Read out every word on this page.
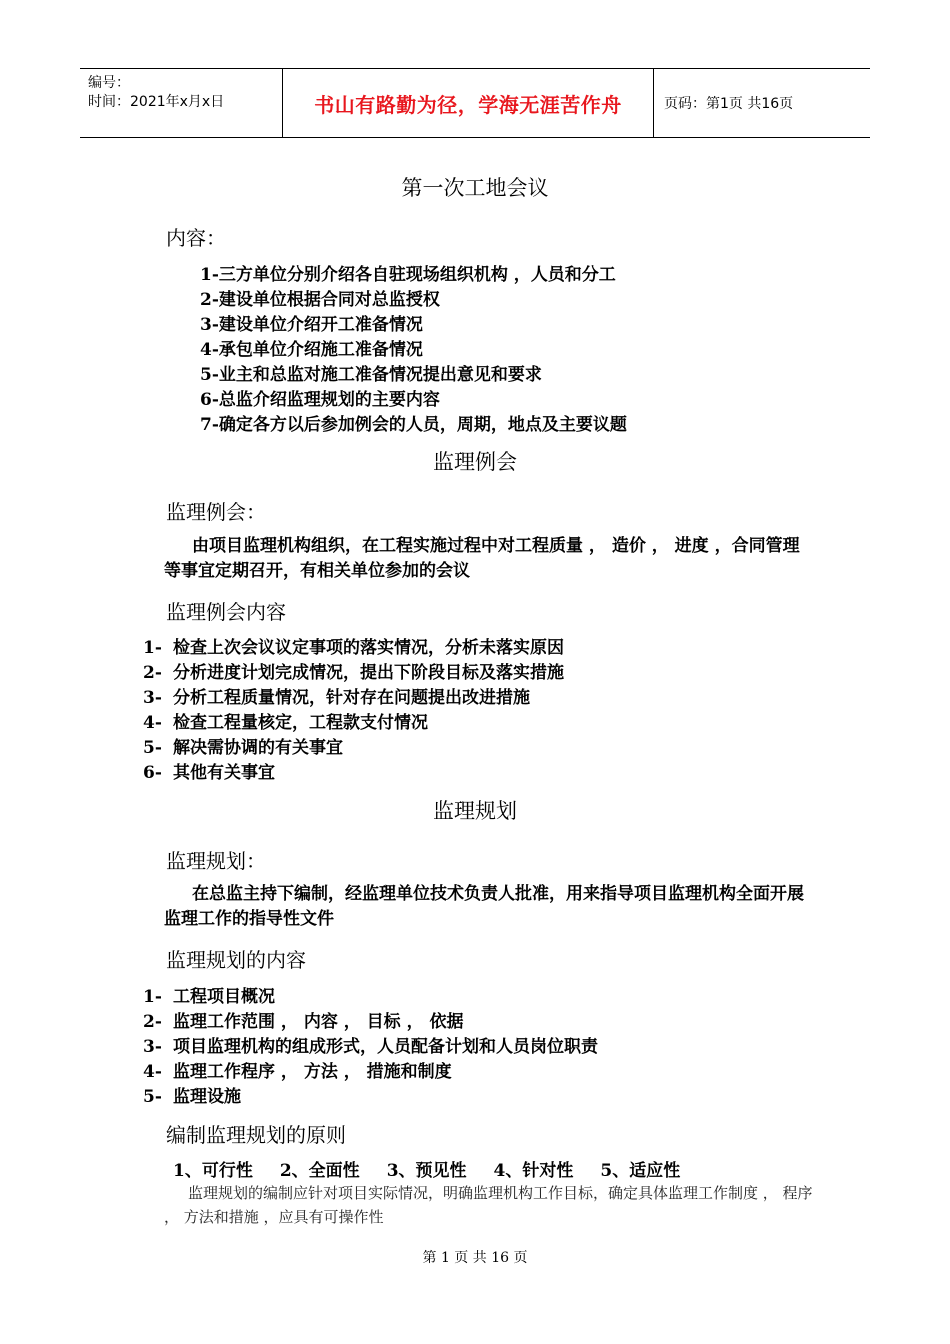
编号：
时间：2021年x月x日	书山有路勤为径，学海无涯苦作舟	页码：第1页 共16页
第一次工地会议
内容：
1-三方单位分别介绍各自驻现场组织机构 ，人员和分工
2-建设单位根据合同对总监授权
3-建设单位介绍开工准备情况
4-承包单位介绍施工准备情况
5-业主和总监对施工准备情况提出意见和要求
6-总监介绍监理规划的主要内容
7-确定各方以后参加例会的人员，周期，地点及主要议题
监理例会
监理例会：
由项目监理机构组织，在工程实施过程中对工程质量 ， 造价 ， 进度 ，合同管理等事宜定期召开，有相关单位参加的会议
监理例会内容
1- 检查上次会议议定事项的落实情况，分析未落实原因
2- 分析进度计划完成情况，提出下阶段目标及落实措施
3- 分析工程质量情况，针对存在问题提出改进措施
4- 检查工程量核定，工程款支付情况
5- 解决需协调的有关事宜
6- 其他有关事宜
监理规划
监理规划：
在总监主持下编制，经监理单位技术负责人批准，用来指导项目监理机构全面开展监理工作的指导性文件
监理规划的内容
1- 工程项目概况
2- 监理工作范围 ， 内容 ， 目标 ， 依据
3- 项目监理机构的组成形式，人员配备计划和人员岗位职责
4- 监理工作程序 ， 方法 ， 措施和制度
5- 监理设施
编制监理规划的原则
1、可行性 2、全面性 3、预见性 4、针对性 5、适应性
监理规划的编制应针对项目实际情况，明确监理机构工作目标，确定具体监理工作制度 ， 程序 ， 方法和措施 ，应具有可操作性
第 1 页 共 16 页
